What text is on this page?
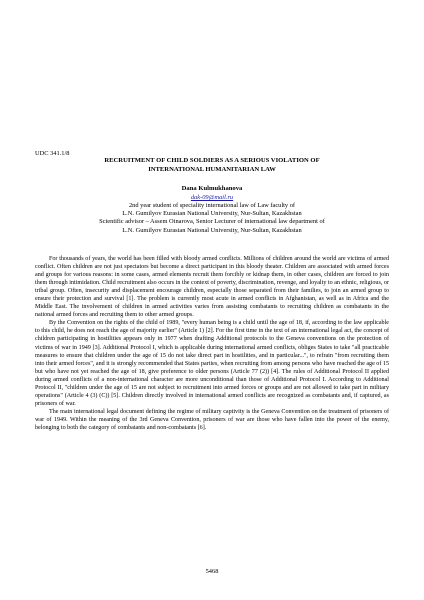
UDC 341.1/8
RECRUITMENT OF CHILD SOLDIERS AS A SERIOUS VIOLATION OF
INTERNATIONAL HUMANITARIAN LAW
Dana Kulmukhanova
dak-09@mail.ru
2nd year student of speciality international law of Law faculty of
L.N. Gumilyov Eurasian National University, Nur-Sultan, Kazakhstan
Scientific advisor – Assem Oinarova, Senior Lecturer of international law department of
L.N. Gumilyov Eurasian National University, Nur-Sultan, Kazakhstan

For thousands of years, the world has been filled with bloody armed conflicts. Millions of children around the world are victims of armed conflict. Often children are not just spectators but become a direct participant in this bloody theater. Children are associated with armed forces and groups for various reasons: in some cases, armed elements recruit them forcibly or kidnap them, in other cases, children are forced to join them through intimidation. Child recruitment also occurs in the context of poverty, discrimination, revenge, and loyalty to an ethnic, religious, or tribal group. Often, insecurity and displacement encourage children, especially those separated from their families, to join an armed group to ensure their protection and survival [1]. The problem is currently most acute in armed conflicts in Afghanistan, as well as in Africa and the Middle East. The involvement of children in armed activities varies from assisting combatants to recruiting children as combatants in the national armed forces and recruiting them to other armed groups.

By the Convention on the rights of the child of 1989, "every human being is a child until the age of 18, if, according to the law applicable to this child, he does not reach the age of majority earlier" (Article 1) [2]. For the first time in the text of an international legal act, the concept of children participating in hostilities appears only in 1977 when drafting Additional protocols to the Geneva conventions on the protection of victims of war in 1949 [3]. Additional Protocol I, which is applicable during international armed conflicts, obliges States to take "all practicable measures to ensure that children under the age of 15 do not take direct part in hostilities, and in particular...", to refrain "from recruiting them into their armed forces", and it is strongly recommended that States parties, when recruiting from among persons who have reached the age of 15 but who have not yet reached the age of 18, give preference to older persons (Article 77 (2)) [4]. The rules of Additional Protocol II applied during armed conflicts of a non-international character are more unconditional than those of Additional Protocol I. According to Additional Protocol II, "children under the age of 15 are not subject to recruitment into armed forces or groups and are not allowed to take part in military operations" (Article 4 (3) (C)) [5]. Children directly involved in international armed conflicts are recognized as combatants and, if captured, as prisoners of war.

The main international legal document defining the regime of military captivity is the Geneva Convention on the treatment of prisoners of war of 1949. Within the meaning of the 3rd Geneva Convention, prisoners of war are those who have fallen into the power of the enemy, belonging to both the category of combatants and non-combatants [6].

5468
